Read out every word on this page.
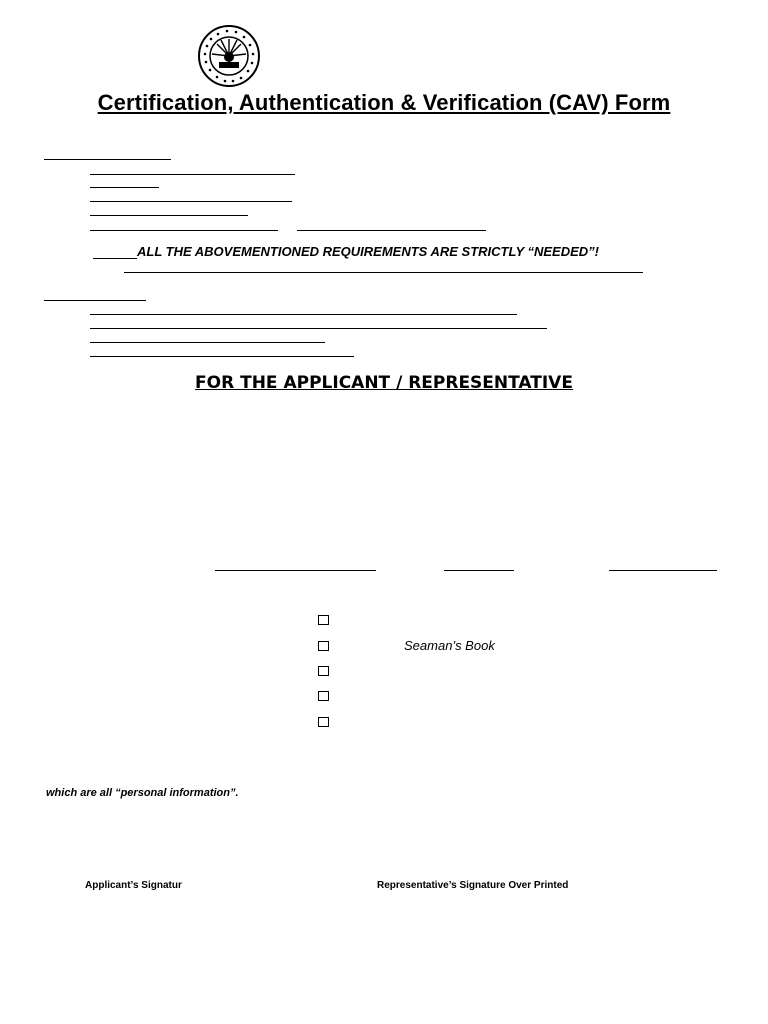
Certification, Authentication & Verification (CAV) Form
ALL THE ABOVEMENTIONED REQUIREMENTS ARE STRICTLY “NEEDED”!
FOR THE APPLICANT / REPRESENTATIVE
Seaman’s Book
which are all “personal information”.
Applicant’s Signatur	Representative’s Signature Over Printed
